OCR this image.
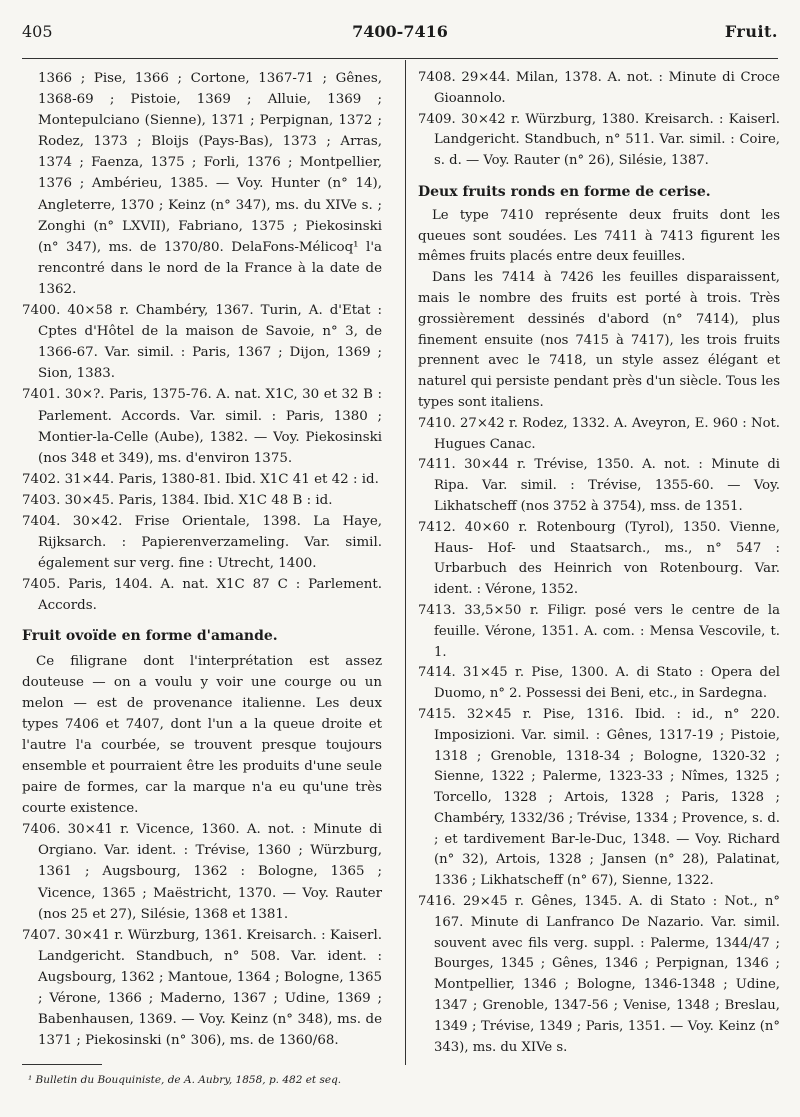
405	7400-7416	Fruit.

1366 ; Pise, 1366 ; Cortone, 1367-71 ; Gênes, 1368-69 ; Pistoie, 1369 ; Alluie, 1369 ; Montepulciano (Sienne), 1371 ; Perpignan, 1372 ; Rodez, 1373 ; Bloijs (Pays-Bas), 1373 ; Arras, 1374 ; Faenza, 1375 ; Forli, 1376 ; Montpellier, 1376 ; Ambérieu, 1385. — Voy. Hunter (n° 14), Angleterre, 1370 ; Keinz (n° 347), ms. du XIVe s. ; Zonghi (n° LXVII), Fabriano, 1375 ; Piekosinski (n° 347), ms. de 1370/80. DelaFons-Mélicoq¹ l'a rencontré dans le nord de la France à la date de 1362.

7400. 40×58 r. Chambéry, 1367. Turin, A. d'Etat : Cptes d'Hôtel de la maison de Savoie, n° 3, de 1366-67. Var. simil. : Paris, 1367 ; Dijon, 1369 ; Sion, 1383.

7401. 30×?. Paris, 1375-76. A. nat. X1C, 30 et 32 B : Parlement. Accords. Var. simil. : Paris, 1380 ; Montier-la-Celle (Aube), 1382. — Voy. Piekosinski (nos 348 et 349), ms. d'environ 1375.

7402. 31×44. Paris, 1380-81. Ibid. X1C 41 et 42 : id.

7403. 30×45. Paris, 1384. Ibid. X1C 48 B : id.

7404. 30×42. Frise Orientale, 1398. La Haye, Rijksarch. : Papierenverzameling. Var. simil. également sur verg. fine : Utrecht, 1400.

7405. Paris, 1404. A. nat. X1C 87 C : Parlement. Accords.

Fruit ovoïde en forme d'amande.

Ce filigrane dont l'interprétation est assez douteuse — on a voulu y voir une courge ou un melon — est de provenance italienne. Les deux types 7406 et 7407, dont l'un a la queue droite et l'autre l'a courbée, se trouvent presque toujours ensemble et pourraient être les produits d'une seule paire de formes, car la marque n'a eu qu'une très courte existence.

7406. 30×41 r. Vicence, 1360. A. not. : Minute di Orgiano. Var. ident. : Trévise, 1360 ; Würzburg, 1361 ; Augsbourg, 1362 : Bologne, 1365 ; Vicence, 1365 ; Maëstricht, 1370. — Voy. Rauter (nos 25 et 27), Silésie, 1368 et 1381.

7407. 30×41 r. Würzburg, 1361. Kreisarch. : Kaiserl. Landgericht. Standbuch, n° 508. Var. ident. : Augsbourg, 1362 ; Mantoue, 1364 ; Bologne, 1365 ; Vérone, 1366 ; Maderno, 1367 ; Udine, 1369 ; Babenhausen, 1369. — Voy. Keinz (n° 348), ms. de 1371 ; Piekosinski (n° 306), ms. de 1360/68.

7408. 29×44. Milan, 1378. A. not. : Minute di Croce Gioannolo.

7409. 30×42 r. Würzburg, 1380. Kreisarch. : Kaiserl. Landgericht. Standbuch, n° 511. Var. simil. : Coire, s. d. — Voy. Rauter (n° 26), Silésie, 1387.

Deux fruits ronds en forme de cerise.

Le type 7410 représente deux fruits dont les queues sont soudées. Les 7411 à 7413 figurent les mêmes fruits placés entre deux feuilles.

Dans les 7414 à 7426 les feuilles disparaissent, mais le nombre des fruits est porté à trois. Très grossièrement dessinés d'abord (n° 7414), plus finement ensuite (nos 7415 à 7417), les trois fruits prennent avec le 7418, un style assez élégant et naturel qui persiste pendant près d'un siècle. Tous les types sont italiens.

7410. 27×42 r. Rodez, 1332. A. Aveyron, E. 960 : Not. Hugues Canac.

7411. 30×44 r. Trévise, 1350. A. not. : Minute di Ripa. Var. simil. : Trévise, 1355-60. — Voy. Likhatscheff (nos 3752 à 3754), mss. de 1351.

7412. 40×60 r. Rotenbourg (Tyrol), 1350. Vienne, Haus- Hof- und Staatsarch., ms., n° 547 : Urbarbuch des Heinrich von Rotenbourg. Var. ident. : Vérone, 1352.

7413. 33,5×50 r. Filigr. posé vers le centre de la feuille. Vérone, 1351. A. com. : Mensa Vescovile, t. 1.

7414. 31×45 r. Pise, 1300. A. di Stato : Opera del Duomo, n° 2. Possessi dei Beni, etc., in Sardegna.

7415. 32×45 r. Pise, 1316. Ibid. : id., n° 220. Imposizioni. Var. simil. : Gênes, 1317-19 ; Pistoie, 1318 ; Grenoble, 1318-34 ; Bologne, 1320-32 ; Sienne, 1322 ; Palerme, 1323-33 ; Nîmes, 1325 ; Torcello, 1328 ; Artois, 1328 ; Paris, 1328 ; Chambéry, 1332/36 ; Trévise, 1334 ; Provence, s. d. ; et tardivement Bar-le-Duc, 1348. — Voy. Richard (n° 32), Artois, 1328 ; Jansen (n° 28), Palatinat, 1336 ; Likhatscheff (n° 67), Sienne, 1322.

7416. 29×45 r. Gênes, 1345. A. di Stato : Not., n° 167. Minute di Lanfranco De Nazario. Var. simil. souvent avec fils verg. suppl. : Palerme, 1344/47 ; Bourges, 1345 ; Gênes, 1346 ; Perpignan, 1346 ; Montpellier, 1346 ; Bologne, 1346-1348 ; Udine, 1347 ; Grenoble, 1347-56 ; Venise, 1348 ; Breslau, 1349 ; Trévise, 1349 ; Paris, 1351. — Voy. Keinz (n° 343), ms. du XIVe s.

¹ Bulletin du Bouquiniste, de A. Aubry, 1858, p. 482 et seq.
